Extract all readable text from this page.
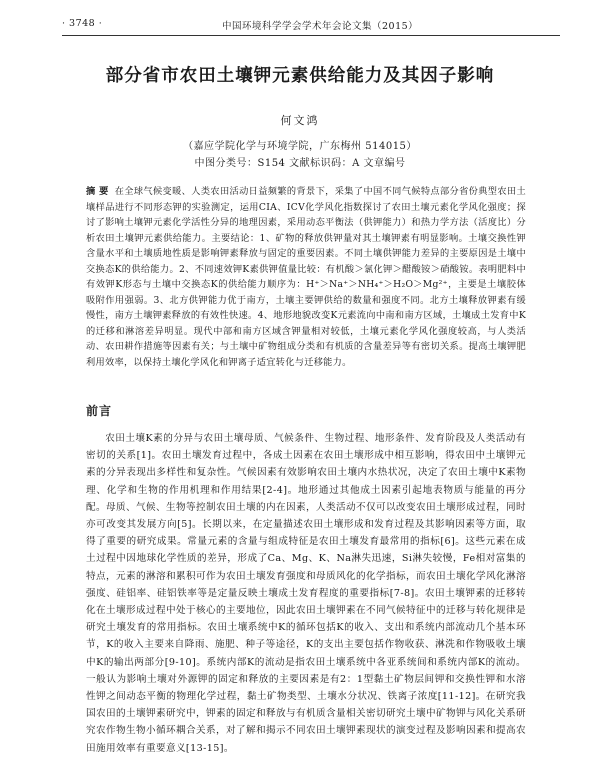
· 3748 ·	中国环境科学学会学术年会论文集（2015）
部分省市农田土壤钾元素供给能力及其因子影响
何文鸿
（嘉应学院化学与环境学院，广东梅州 514015）
中图分类号：S154 文献标识码：A 文章编号
摘 要 在全球气候变暖、人类农田活动日益频繁的背景下，采集了中国不同气候特点部分省份典型农田土壤样品进行不同形态钾的实验测定，运用CIA、ICV化学风化指数探讨了农田土壤元素化学风化强度；探讨了影响土壤钾元素化学活性分异的地理因素，采用动态平衡法（供钾能力）和热力学方法（活度比）分析农田土壤钾元素供给能力。主要结论：1、矿物的释放供钾量对其土壤钾素有明显影响。土壤交换性钾含量水平和土壤质地性质是影响钾素释放与固定的重要因素。不同土壤供钾能力差异的主要原因是土壤中交换态K的供给能力。2、不同速效钾K素供钾值量比较：有机酸＞氯化钾＞醋酸铵＞硝酸铵。表明肥料中有效钾K形态与土壤中交换态K的供给能力顺序为：H⁺＞Na⁺＞NH₄⁺＞H₂O＞Mg²⁺，主要是土壤胶体吸附作用强弱。3、北方供钾能力优于南方，土壤主要钾供给的数量和强度不同。北方土壤释放钾素有缓慢性，南方土壤钾素释放的有效性快速。4、地形地貌改变K元素流向中南和南方区域，土壤成土发育中K的迁移和淋溶差异明显。现代中部和南方区域含钾量相对较低，土壤元素化学风化强度较高，与人类活动、农田耕作措施等因素有关；与土壤中矿物组成分类和有机质的含量差异等有密切关系。提高土壤钾肥利用效率，以保持土壤化学风化和钾离子适宜转化与迁移能力。
前言
农田土壤K素的分异与农田土壤母质、气候条件、生物过程、地形条件、发育阶段及人类活动有密切的关系[1]。农田土壤发育过程中，各成土因素在农田土壤形成中相互影响，得农田中土壤钾元素的分异表现出多样性和复杂性。气候因素有效影响农田土壤内水热状况，决定了农田土壤中K素物理、化学和生物的作用机理和作用结果[2-4]。地形通过其他成土因素引起地表物质与能量的再分配。母质、气候、生物等控制农田土壤的内在因素，人类活动不仅可以改变农田土壤形成过程，同时亦可改变其发展方向[5]。长期以来，在定量描述农田土壤形成和发育过程及其影响因素等方面，取得了重要的研究成果。常量元素的含量与组成特征是农田土壤发育最常用的指标[6]。这些元素在成土过程中因地球化学性质的差异，形成了Ca、Mg、K、Na淋失迅速，Si淋失较慢，Fe相对富集的特点，元素的淋溶和累积可作为农田土壤发育强度和母质风化的化学指标，而农田土壤化学风化淋溶强度、硅铝率、硅铝铁率等是定量反映土壤成土发育程度的重要指标[7-8]。农田土壤钾素的迁移转化在土壤形成过程中处于核心的主要地位，因此农田土壤钾素在不同气候特征中的迁移与转化规律是研究土壤发育的常用指标。农田土壤系统中K的循环包括K的收入、支出和系统内部流动几个基本环节，K的收入主要来自降雨、施肥、种子等途径，K的支出主要包括作物收获、淋洗和作物吸收土壤中K的输出两部分[9-10]。系统内部K的流动是指农田土壤系统中各亚系统间和系统内部K的流动。一般认为影响土壤对外源钾的固定和释放的主要因素是有2：1型黏土矿物层间钾和交换性钾和水溶性钾之间动态平衡的物理化学过程，黏土矿物类型、土壤水分状况、铁离子浓度[11-12]。在研究我国农田的土壤钾素研究中，钾素的固定和释放与有机质含量相关密切研究土壤中矿物钾与风化关系研究农作物生物小循环耦合关系，对了解和揭示不同农田土壤钾素现状的演变过程及影响因素和提高农田施用效率有重要意义[13-15]。
